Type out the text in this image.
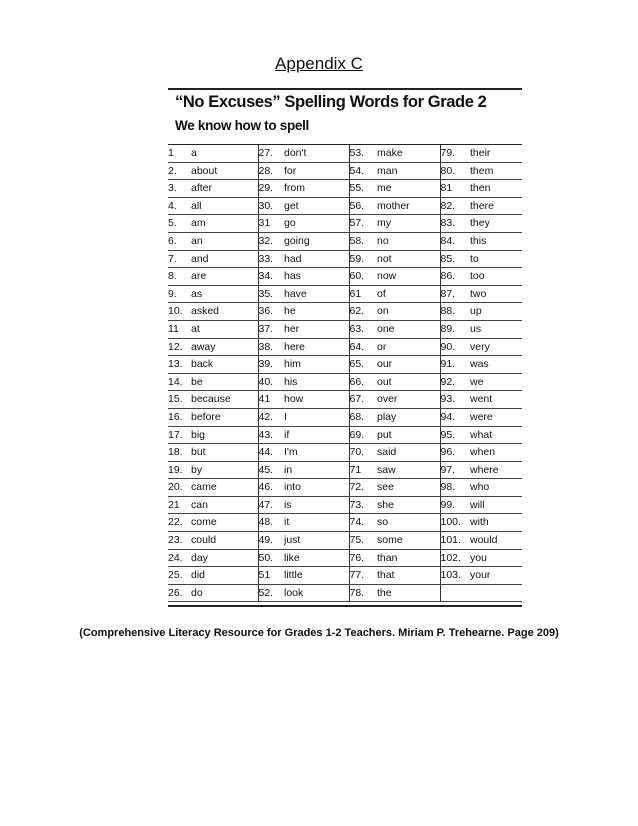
Appendix C
“No Excuses” Spelling Words for Grade 2
We know how to spell
1	a	27.	don't	53.	make	79.	their
2.	about	28.	for	54.	man	80.	them
3.	after	29.	from	55.	me	81	then
4.	all	30.	get	56.	mother	82.	there
5.	am	31	go	57.	my	83.	they
6.	an	32.	going	58.	no	84.	this
7.	and	33.	had	59.	not	85.	to
8.	are	34.	has	60.	now	86.	too
9.	as	35.	have	61	of	87.	two
10.	asked	36.	he	62.	on	88.	up
11	at	37.	her	63.	one	89.	us
12.	away	38.	here	64.	or	90.	very
13.	back	39.	him	65.	our	91.	was
14.	be	40.	his	66.	out	92.	we
15.	because	41	how	67.	over	93.	went
16.	before	42.	I	68.	play	94.	were
17.	big	43.	if	69.	put	95.	what
18.	but	44.	I'm	70.	said	96.	when
19.	by	45.	in	71	saw	97.	where
20.	came	46.	into	72.	see	98.	who
21	can	47.	is	73.	she	99.	will
22.	come	48.	it	74.	so	100.	with
23.	could	49.	just	75.	some	101.	would
24.	day	50.	like	76.	than	102.	you
25.	did	51	little	77.	that	103.	your
26.	do	52.	look	78.	the		
(Comprehensive Literacy Resource for Grades 1-2 Teachers. Miriam P. Trehearne. Page 209)
